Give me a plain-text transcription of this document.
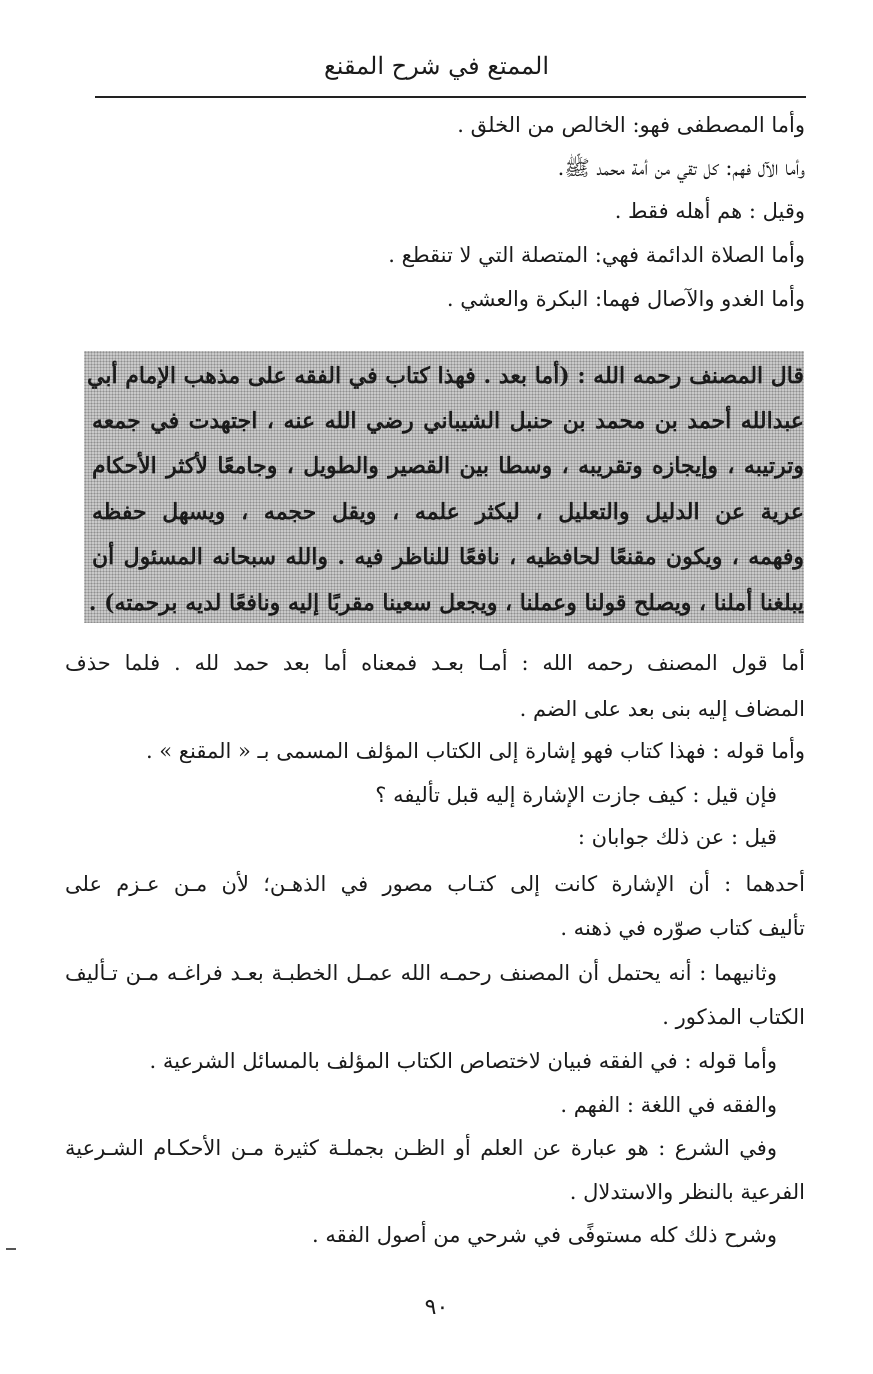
الممتع في شرح المقنع
وأما المصطفى فهو: الخالص من الخلق .
وأما الآل فهم: كل تقي من أمة محمد ﷺ.
وقيل : هم أهله فقط .
وأما الصلاة الدائمة فهي: المتصلة التي لا تنقطع .
وأما الغدو والآصال فهما: البكرة والعشي .
قال المصنف رحمه الله : (أما بعد . فهذا كتاب في الفقه على مذهب الإمام أبي
عبدالله أحمد بن محمد بن حنبل الشيباني رضي الله عنه ، اجتهدت في جمعه
وترتيبه ، وإيجازه وتقريبه ، وسطا بين القصير والطويل ، وجامعًا لأكثر الأحكام
عرية عن الدليل والتعليل ، ليكثر علمه ، ويقل حجمه ، ويسهل حفظه
وفهمه ، ويكون مقنعًا لحافظيه ، نافعًا للناظر فيه . والله سبحانه المسئول أن
يبلغنا أملنا ، ويصلح قولنا وعملنا ، ويجعل سعينا مقربًا إليه ونافعًا لديه برحمته) .
أما قول المصنف رحمه الله : أمـا بعـد فمعناه أما بعد حمد لله . فلما حذف
المضاف إليه بنى بعد على الضم .
وأما قوله : فهذا كتاب فهو إشارة إلى الكتاب المؤلف المسمى بـ « المقنع » .
فإن قيل : كيف جازت الإشارة إليه قبل تأليفه ؟
قيل : عن ذلك جوابان :
أحدهما : أن الإشارة كانت إلى كتـاب مصور في الذهـن؛ لأن مـن عـزم على
تأليف كتاب صوّره في ذهنه .
وثانيهما : أنه يحتمل أن المصنف رحمـه الله عمـل الخطبـة بعـد فراغـه مـن تـأليف
الكتاب المذكور .
وأما قوله : في الفقه فبيان لاختصاص الكتاب المؤلف بالمسائل الشرعية .
والفقه في اللغة : الفهم .
وفي الشرع : هو عبارة عن العلم أو الظـن بجملـة كثيرة مـن الأحكـام الشـرعية
الفرعية بالنظر والاستدلال .
وشرح ذلك كله مستوفًى في شرحي من أصول الفقه .
٩٠
